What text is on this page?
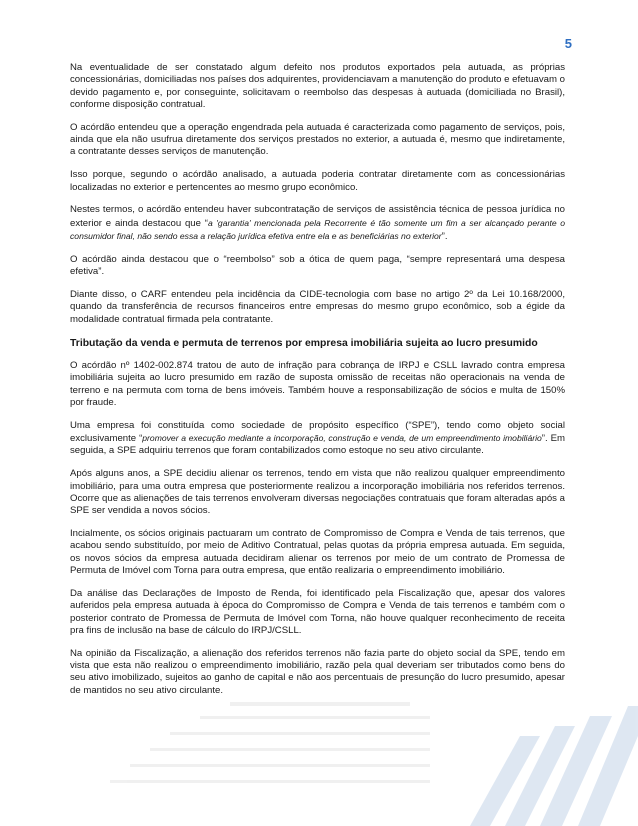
5

Na eventualidade de ser constatado algum defeito nos produtos exportados pela autuada, as próprias concessionárias, domiciliadas nos países dos adquirentes, providenciavam a manutenção do produto e efetuavam o devido pagamento e, por conseguinte, solicitavam o reembolso das despesas à autuada (domiciliada no Brasil), conforme disposição contratual.

O acórdão entendeu que a operação engendrada pela autuada é caracterizada como pagamento de serviços, pois, ainda que ela não usufrua diretamente dos serviços prestados no exterior, a autuada é, mesmo que indiretamente, a contratante desses serviços de manutenção.

Isso porque, segundo o acórdão analisado, a autuada poderia contratar diretamente com as concessionárias localizadas no exterior e pertencentes ao mesmo grupo econômico.

Nestes termos, o acórdão entendeu haver subcontratação de serviços de assistência técnica de pessoa jurídica no exterior e ainda destacou que “a 'garantia' mencionada pela Recorrente é tão somente um fim a ser alcançado perante o consumidor final, não sendo essa a relação jurídica efetiva entre ela e as beneficiárias no exterior”.

O acórdão ainda destacou que o “reembolso” sob a ótica de quem paga, “sempre representará uma despesa efetiva”.

Diante disso, o CARF entendeu pela incidência da CIDE-tecnologia com base no artigo 2º da Lei 10.168/2000, quando da transferência de recursos financeiros entre empresas do mesmo grupo econômico, sob a égide da modalidade contratual firmada pela contratante.

Tributação da venda e permuta de terrenos por empresa imobiliária sujeita ao lucro presumido

O acórdão nº 1402-002.874 tratou de auto de infração para cobrança de IRPJ e CSLL lavrado contra empresa imobiliária sujeita ao lucro presumido em razão de suposta omissão de receitas não operacionais na venda de terreno e na permuta com torna de bens imóveis. Também houve a responsabilização de sócios e multa de 150% por fraude.

Uma empresa foi constituída como sociedade de propósito específico (“SPE”), tendo como objeto social exclusivamente “promover a execução mediante a incorporação, construção e venda, de um empreendimento imobiliário”. Em seguida, a SPE adquiriu terrenos que foram contabilizados como estoque no seu ativo circulante.

Após alguns anos, a SPE decidiu alienar os terrenos, tendo em vista que não realizou qualquer empreendimento imobiliário, para uma outra empresa que posteriormente realizou a incorporação imobiliária nos referidos terrenos. Ocorre que as alienações de tais terrenos envolveram diversas negociações contratuais que foram alteradas após a SPE ser vendida a novos sócios.

Incialmente, os sócios originais pactuaram um contrato de Compromisso de Compra e Venda de tais terrenos, que acabou sendo substituído, por meio de Aditivo Contratual, pelas quotas da própria empresa autuada. Em seguida, os novos sócios da empresa autuada decidiram alienar os terrenos por meio de um contrato de Promessa de Permuta de Imóvel com Torna para outra empresa, que então realizaria o empreendimento imobiliário.

Da análise das Declarações de Imposto de Renda, foi identificado pela Fiscalização que, apesar dos valores auferidos pela empresa autuada à época do Compromisso de Compra e Venda de tais terrenos e também com o posterior contrato de Promessa de Permuta de Imóvel com Torna, não houve qualquer reconhecimento de receita pra fins de inclusão na base de cálculo do IRPJ/CSLL.

Na opinião da Fiscalização, a alienação dos referidos terrenos não fazia parte do objeto social da SPE, tendo em vista que esta não realizou o empreendimento imobiliário, razão pela qual deveriam ser tributados como bens do seu ativo imobilizado, sujeitos ao ganho de capital e não aos percentuais de presunção do lucro presumido, apesar de mantidos no seu ativo circulante.
